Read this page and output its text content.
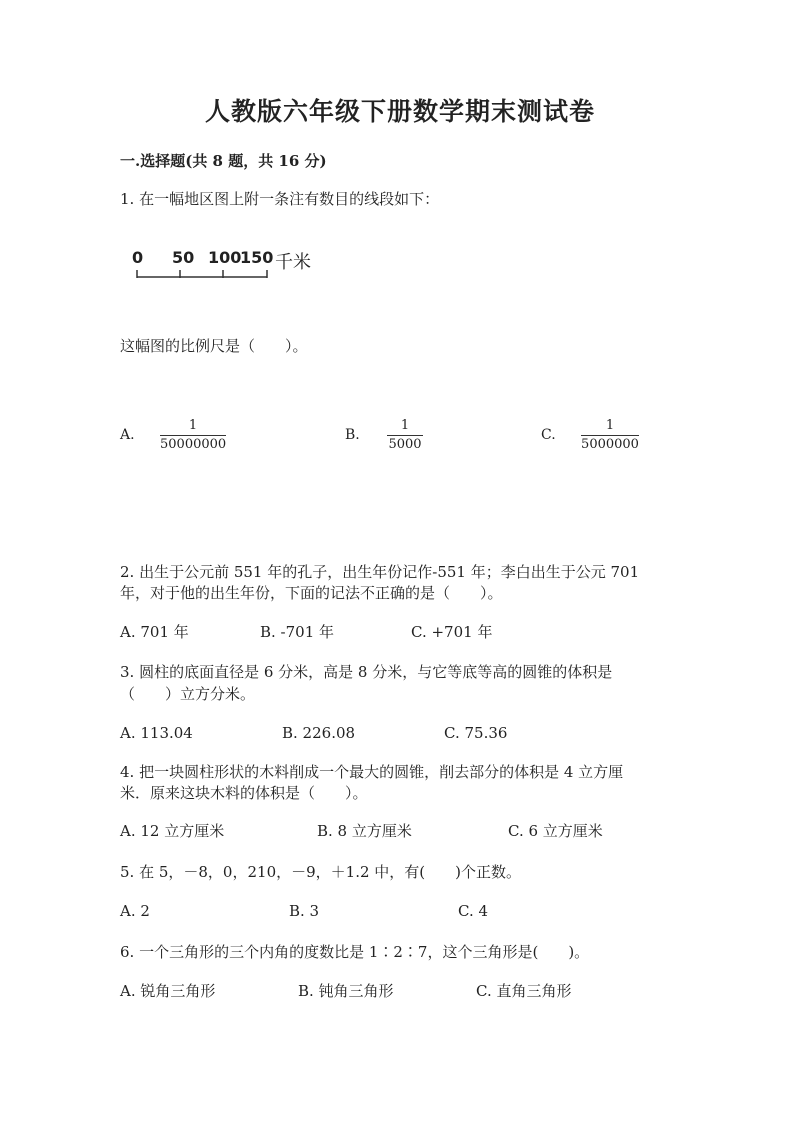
人教版六年级下册数学期末测试卷
一.选择题(共 8 题，共 16 分)
1. 在一幅地区图上附一条注有数目的线段如下：
0 50 100
150 千米
这幅图的比例尺是（　　）。
A.
1
50000000
B.
1
5000
C.
1
5000000
2. 出生于公元前 551 年的孔子，出生年份记作-551 年；李白出生于公元 701
年，对于他的出生年份，下面的记法不正确的是（　　）。
A. 701 年	B. -701 年	C. +701 年
3. 圆柱的底面直径是 6 分米，高是 8 分米，与它等底等高的圆锥的体积是
（　　）立方分米。
A. 113.04	B. 226.08	C. 75.36
4. 把一块圆柱形状的木料削成一个最大的圆锥，削去部分的体积是 4 立方厘
米．原来这块木料的体积是（　　）。
A. 12 立方厘米	B. 8 立方厘米	C. 6 立方厘米
5. 在 5，－8，0，210，－9，＋1.2 中，有(　　)个正数。
A. 2	B. 3	C. 4
6. 一个三角形的三个内角的度数比是 1∶2∶7，这个三角形是(　　)。
A. 锐角三角形	B. 钝角三角形	C. 直角三角形
